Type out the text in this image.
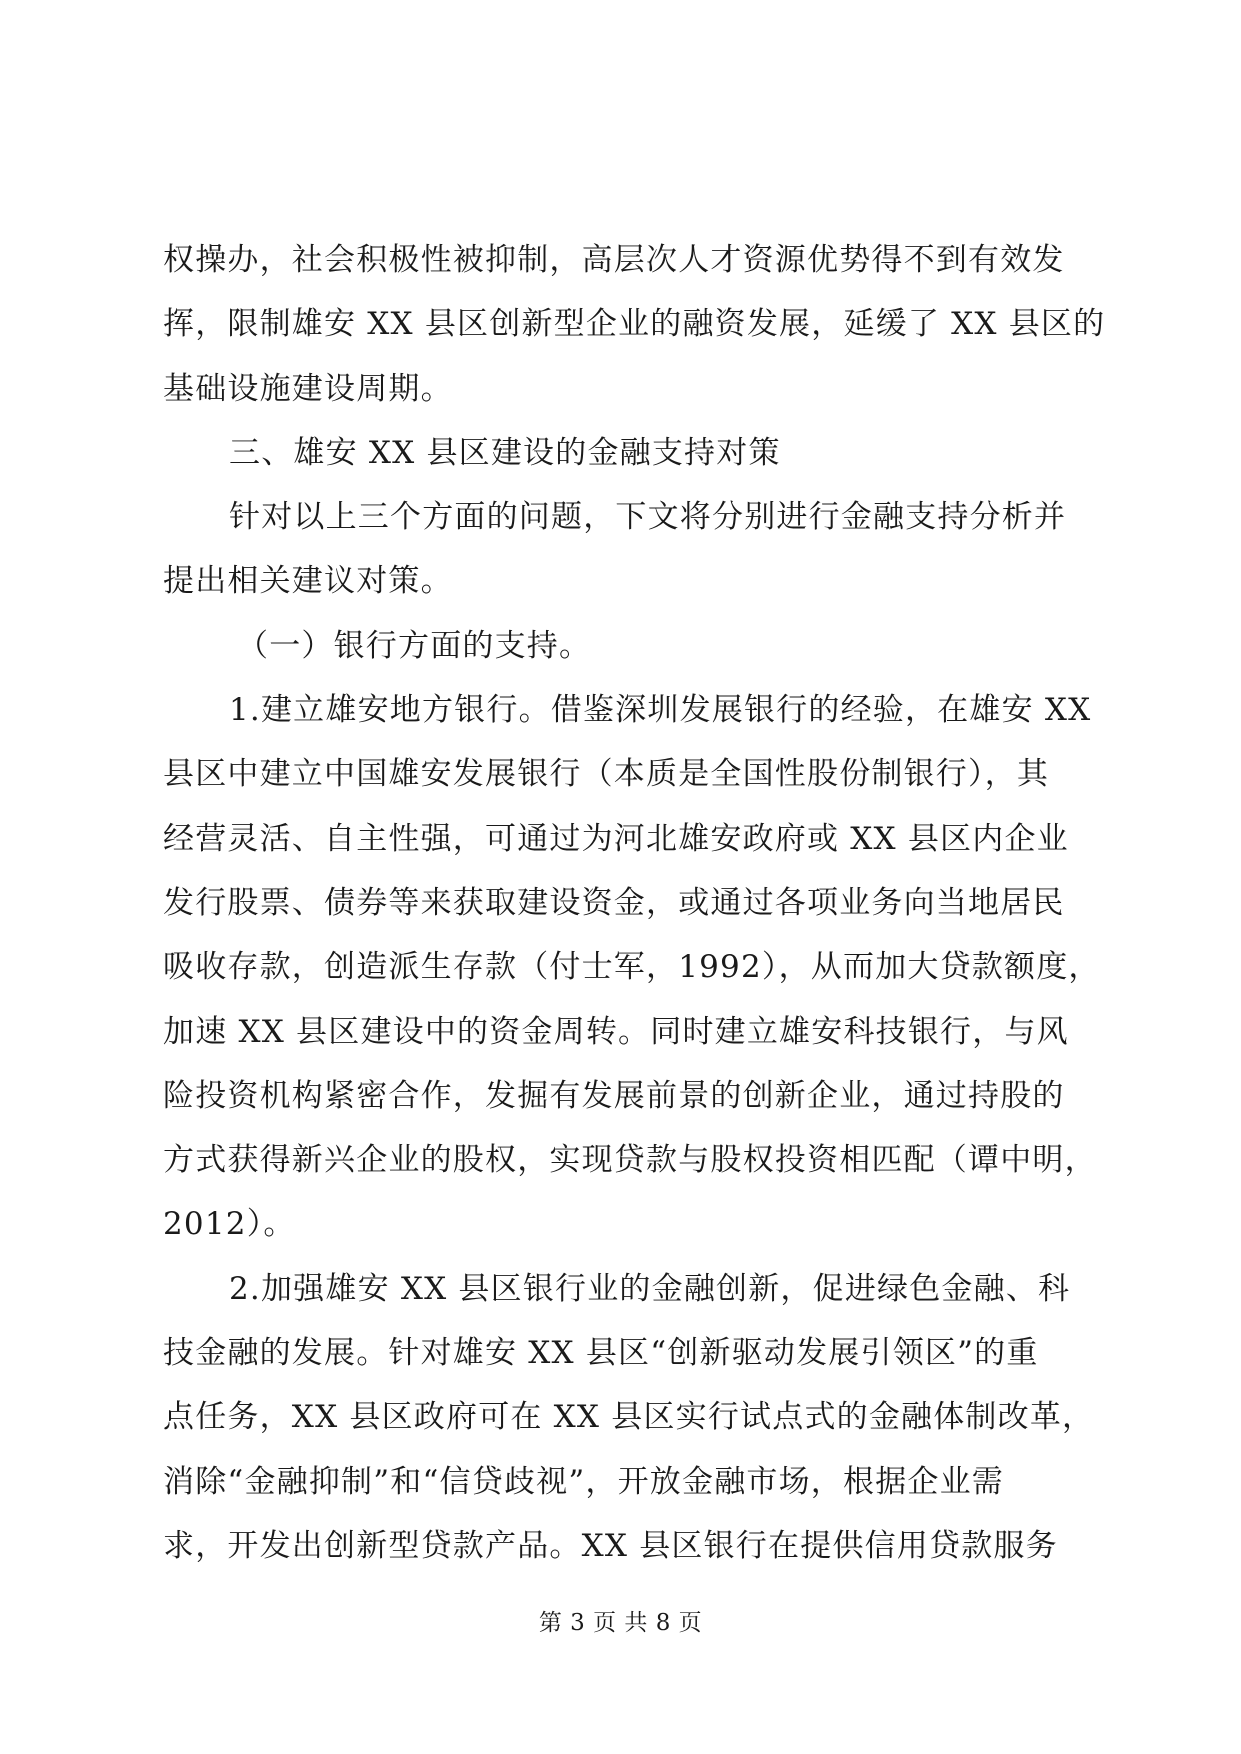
权操办，社会积极性被抑制，高层次人才资源优势得不到有效发
挥，限制雄安 XX 县区创新型企业的融资发展，延缓了 XX 县区的
基础设施建设周期。
三、雄安 XX 县区建设的金融支持对策
针对以上三个方面的问题，下文将分别进行金融支持分析并
提出相关建议对策。
（一）银行方面的支持。
1.建立雄安地方银行。借鉴深圳发展银行的经验，在雄安 XX
县区中建立中国雄安发展银行（本质是全国性股份制银行），其
经营灵活、自主性强，可通过为河北雄安政府或 XX 县区内企业
发行股票、债券等来获取建设资金，或通过各项业务向当地居民
吸收存款，创造派生存款（付士军，1992），从而加大贷款额度，
加速 XX 县区建设中的资金周转。同时建立雄安科技银行，与风
险投资机构紧密合作，发掘有发展前景的创新企业，通过持股的
方式获得新兴企业的股权，实现贷款与股权投资相匹配（谭中明，
2012）。
2.加强雄安 XX 县区银行业的金融创新，促进绿色金融、科
技金融的发展。针对雄安 XX 县区“创新驱动发展引领区”的重
点任务，XX 县区政府可在 XX 县区实行试点式的金融体制改革，
消除“金融抑制”和“信贷歧视”，开放金融市场，根据企业需
求，开发出创新型贷款产品。XX 县区银行在提供信用贷款服务
第 3 页 共 8 页
